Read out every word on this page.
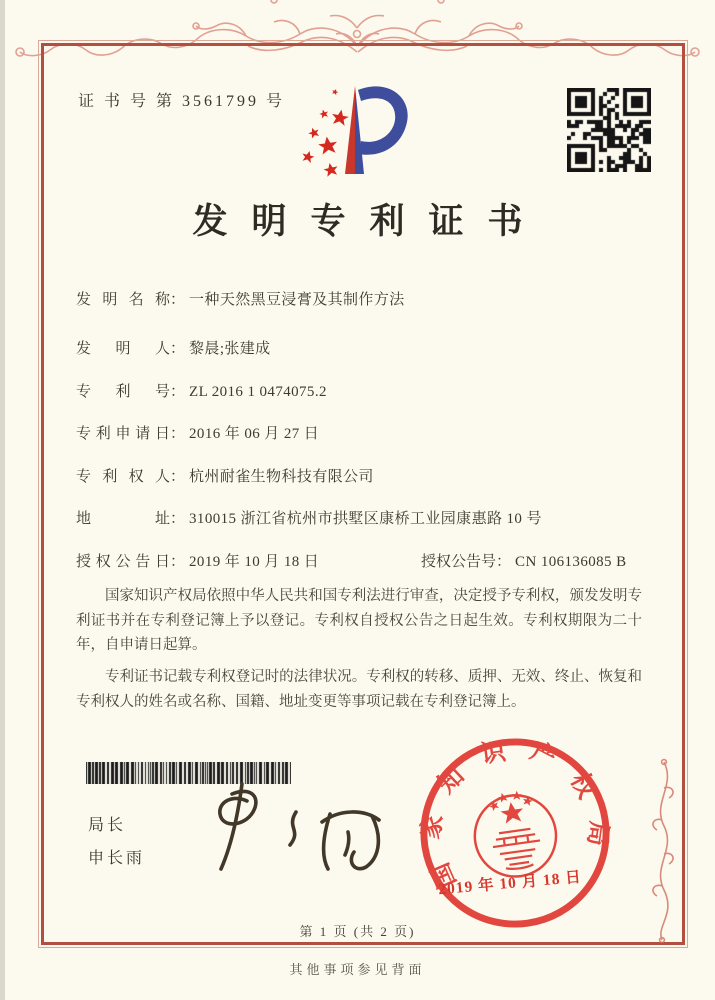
证 书 号 第 3561799 号
发明专利证书
发明名称： 一种天然黑豆浸膏及其制作方法
发明人： 黎晨;张建成
专利号： ZL 2016 1 0474075.2
专利申请日： 2016 年 06 月 27 日
专利权人： 杭州耐雀生物科技有限公司
地址： 310015 浙江省杭州市拱墅区康桥工业园康惠路 10 号
授权公告日： 2019 年 10 月 18 日	授权公告号： CN 106136085 B

国家知识产权局依照中华人民共和国专利法进行审查，决定授予专利权，颁发发明专利证书并在专利登记簿上予以登记。专利权自授权公告之日起生效。专利权期限为二十年，自申请日起算。

专利证书记载专利权登记时的法律状况。专利权的转移、质押、无效、终止、恢复和专利权人的姓名或名称、国籍、地址变更等事项记载在专利登记簿上。

局长
申长雨	国家知识产权局
2019 年 10 月 18 日
第 1 页 (共 2 页)
其他事项参见背面
